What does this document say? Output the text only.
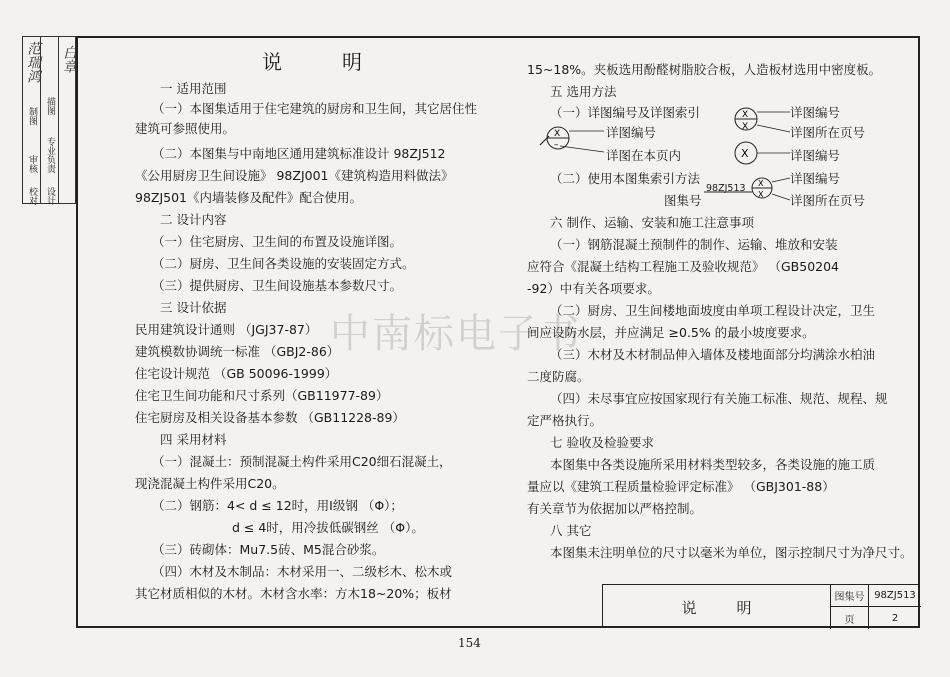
审核
校对 设计
专业负责
制图
描图
范瑞鸿 白章	说明
中南标电子书
一 适用范围
（一）本图集适用于住宅建筑的厨房和卫生间，其它居住性
建筑可参照使用。
（二）本图集与中南地区通用建筑标准设计 98ZJ512
《公用厨房卫生间设施》 98ZJ001《建筑构造用料做法》
98ZJ501《内墙装修及配件》配合使用。
二 设计内容
（一）住宅厨房、卫生间的布置及设施详图。
（二）厨房、卫生间各类设施的安装固定方式。
（三）提供厨房、卫生间设施基本参数尺寸。
三 设计依据
民用建筑设计通则 （JGJ37-87）
建筑模数协调统一标准 （GBJ2-86）
住宅设计规范 （GB 50096-1999）
住宅卫生间功能和尺寸系列（GB11977-89）
住宅厨房及相关设备基本参数 （GB11228-89）
四 采用材料
（一）混凝土：预制混凝土构件采用C20细石混凝土，
现浇混凝土构件采用C20。
（二）钢筋：4< d ≤ 12时，用Ⅰ级钢 （Φ）；
d ≤ 4时，用冷拔低碳钢丝 （Φ）。
（三）砖砌体：Mu7.5砖、M5混合砂浆。
（四）木材及木制品：木材采用一、二级杉木、松木或
其它材质相似的木材。木材含水率：方木18~20%；板材
15~18%。夹板选用酚醛树脂胶合板，人造板材选用中密度板。
五 选用方法
（一）详图编号及详图索引
详图编号
详图在本页内
详图编号
详图所在页号
详图编号
（二）使用本图集索引方法
图集号
98ZJ513
详图编号
详图所在页号
六 制作、运输、安装和施工注意事项
（一）钢筋混凝土预制件的制作、运输、堆放和安装
应符合《混凝土结构工程施工及验收规范》 （GB50204
-92）中有关各项要求。
（二）厨房、卫生间楼地面坡度由单项工程设计决定，卫生
间应设防水层，并应满足 ≥0.5% 的最小坡度要求。
（三）木材及木材制品伸入墙体及楼地面部分均满涂水柏油
二度防腐。
（四）未尽事宜应按国家现行有关施工标准、规范、规程、规
定严格执行。
七 验收及检验要求
本图集中各类设施所采用材料类型较多，各类设施的施工质
量应以《建筑工程质量检验评定标准》 （GBJ301-88）
有关章节为依据加以严格控制。
八 其它
本图集未注明单位的尺寸以毫米为单位，图示控制尺寸为净尺寸。
X
–
X
X
X
X
X
说明
图集号 98ZJ513
页	2
154
